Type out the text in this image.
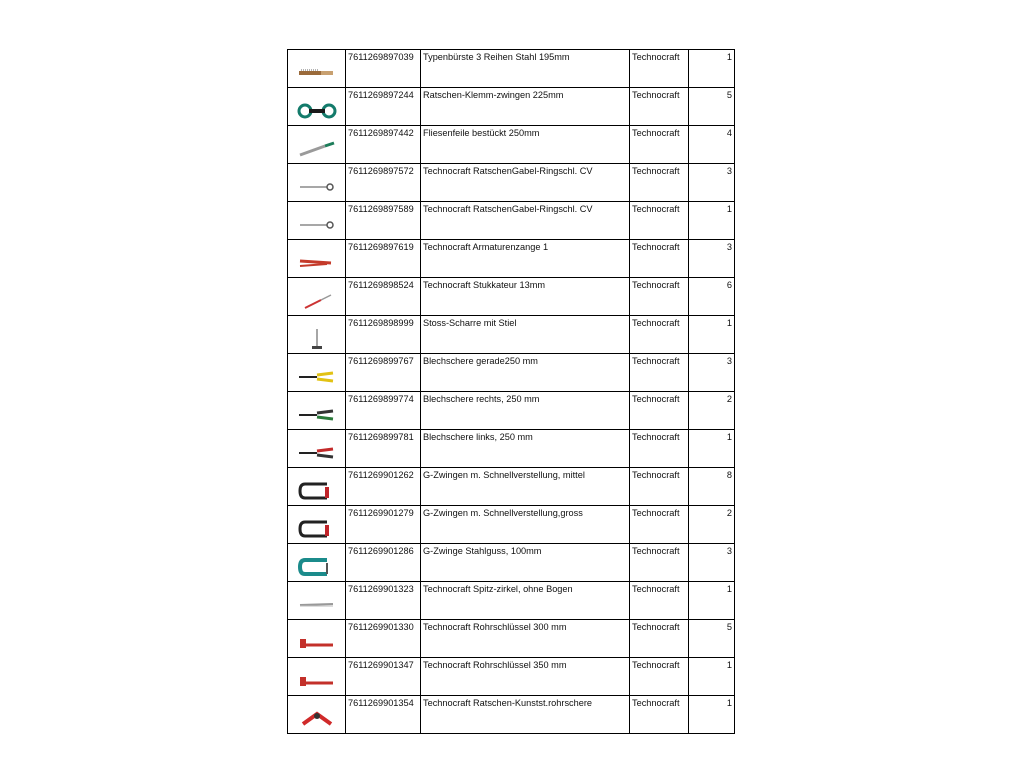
	7611269897039	Typenbürste 3 Reihen Stahl 195mm	Technocraft	1

	7611269897244	Ratschen-Klemm-zwingen 225mm	Technocraft	5

	7611269897442	Fliesenfeile bestückt 250mm	Technocraft	4

	7611269897572	Technocraft RatschenGabel-Ringschl. CV	Technocraft	3

	7611269897589	Technocraft RatschenGabel-Ringschl. CV	Technocraft	1

	7611269897619	Technocraft Armaturenzange 1	Technocraft	3

	7611269898524	Technocraft Stukkateur 13mm	Technocraft	6

	7611269898999	Stoss-Scharre mit Stiel	Technocraft	1

	7611269899767	Blechschere gerade250 mm	Technocraft	3

	7611269899774	Blechschere rechts, 250 mm	Technocraft	2

	7611269899781	Blechschere links, 250 mm	Technocraft	1

	7611269901262	G-Zwingen m. Schnellverstellung, mittel	Technocraft	8

	7611269901279	G-Zwingen m. Schnellverstellung,gross	Technocraft	2

	7611269901286	G-Zwinge Stahlguss, 100mm	Technocraft	3

	7611269901323	Technocraft Spitz-zirkel, ohne Bogen	Technocraft	1

	7611269901330	Technocraft Rohrschlüssel 300 mm	Technocraft	5

	7611269901347	Technocraft Rohrschlüssel 350 mm	Technocraft	1

	7611269901354	Technocraft Ratschen-Kunstst.rohrschere	Technocraft	1
